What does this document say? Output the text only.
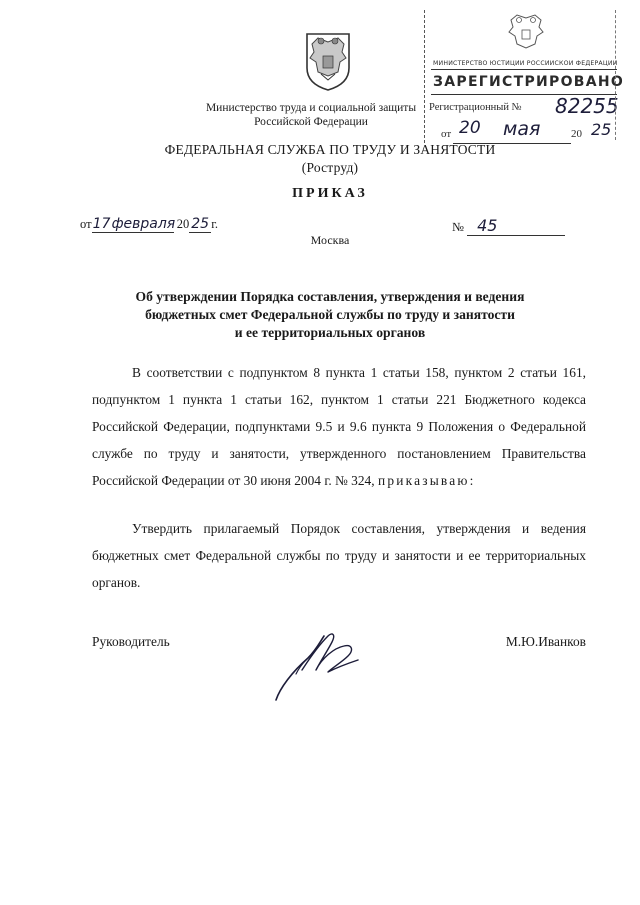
Министерство труда и социальной защиты
Российской Федерации
МИНИСТЕРСТВО ЮСТИЦИИ РОССИЙСКОЙ ФЕДЕРАЦИИ
ЗАРЕГИСТРИРОВАНО
Регистрационный № 82255
от 20 мая	20 25
ФЕДЕРАЛЬНАЯ СЛУЖБА ПО ТРУДУ И ЗАНЯТОСТИ
(Роструд)
ПРИКАЗ
от17февраля 20 25 г.	№ 45
Москва
Об утверждении Порядка составления, утверждения и ведения
бюджетных смет Федеральной службы по труду и занятости
и ее территориальных органов
В соответствии с подпунктом 8 пункта 1 статьи 158, пунктом 2 статьи 161, подпунктом 1 пункта 1 статьи 162, пунктом 1 статьи 221 Бюджетного кодекса Российской Федерации, подпунктами 9.5 и 9.6 пункта 9 Положения о Федеральной службе по труду и занятости, утвержденного постановлением Правительства Российской Федерации от 30 июня 2004 г. № 324, приказываю:
Утвердить прилагаемый Порядок составления, утверждения и ведения бюджетных смет Федеральной службы по труду и занятости и ее территориальных органов.
Руководитель	М.Ю.Иванков
